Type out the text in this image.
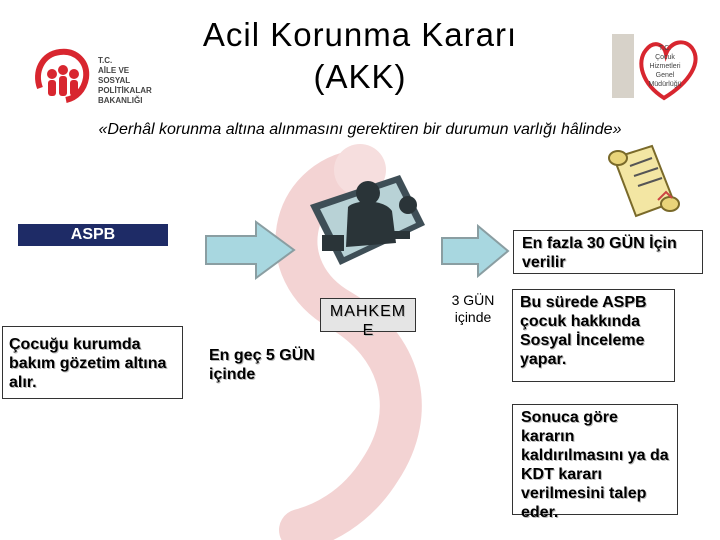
T.C.
AİLE VE
SOSYAL POLİTİKALAR
BAKANLIĞI
T.C.
Çocuk
Hizmetleri
Genel
Müdürlüğü
Acil Korunma Kararı
(AKK)
«Derhâl korunma altına alınmasını gerektiren bir durumun varlığı hâlinde»
ASPB
Çocuğu kurumda bakım gözetim altına alır.
En geç 5 GÜN içinde
MAHKEM
E
3 GÜN içinde
En fazla 30 GÜN İçin verilir
Bu sürede ASPB çocuk hakkında Sosyal İnceleme yapar.
Sonuca göre kararın kaldırılmasını ya da KDT kararı verilmesini talep eder.
